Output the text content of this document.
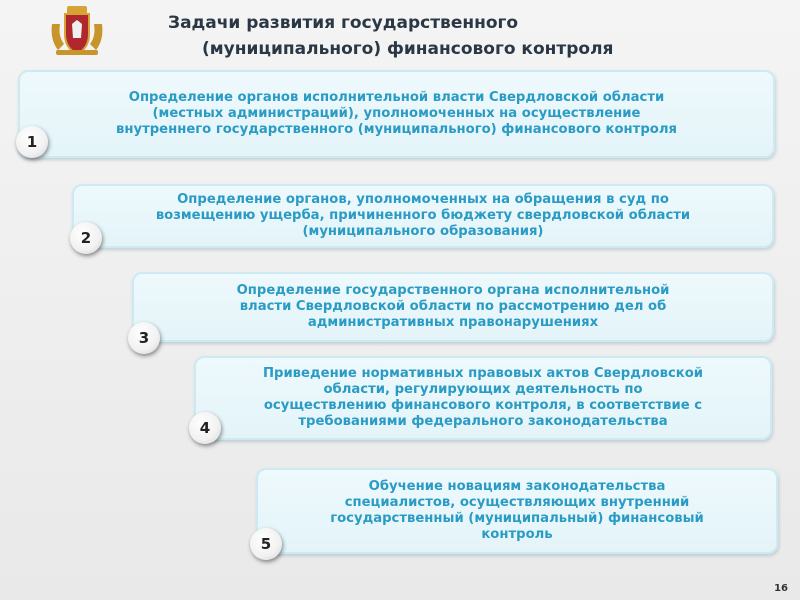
Задачи развития государственного
(муниципального) финансового контроля
Определение органов исполнительной власти Свердловской области
(местных администраций), уполномоченных на осуществление
внутреннего государственного (муниципального) финансового контроля
1
Определение органов, уполномоченных на обращения в суд по
возмещению ущерба, причиненного бюджету свердловской области
(муниципального образования)
2
Определение государственного органа исполнительной
власти Свердловской области по рассмотрению дел об
административных правонарушениях
3
Приведение нормативных правовых актов Свердловской
области, регулирующих деятельность по
осуществлению финансового контроля, в соответствие с
требованиями федерального законодательства
4
Обучение новациям законодательства
специалистов, осуществляющих внутренний
государственный (муниципальный) финансовый
контроль
5
16
